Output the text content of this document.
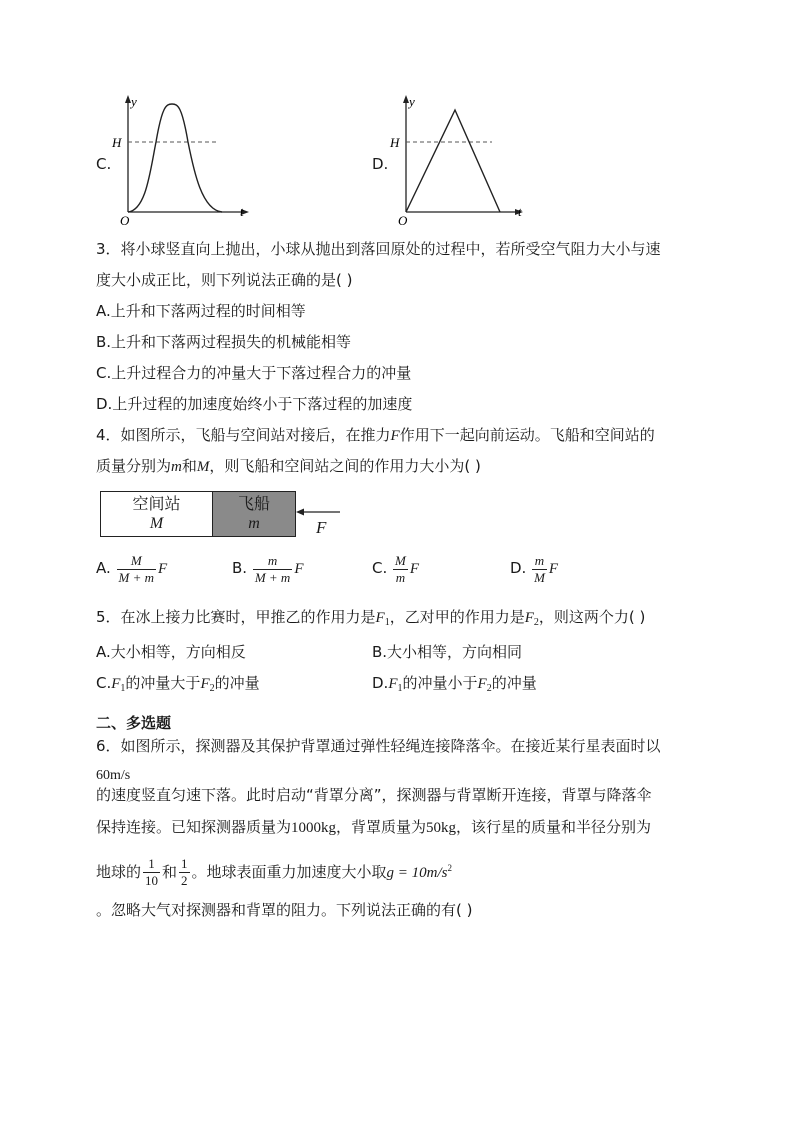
C.
y
t
H
O
D.
y
t
H
O
3．将小球竖直向上抛出，小球从抛出到落回原处的过程中，若所受空气阻力大小与速
度大小成正比，则下列说法正确的是( )
A.上升和下落两过程的时间相等
B.上升和下落两过程损失的机械能相等
C.上升过程合力的冲量大于下落过程合力的冲量
D.上升过程的加速度始终小于下落过程的加速度
4．如图所示，飞船与空间站对接后，在推力F作用下一起向前运动。飞船和空间站的
质量分别为m和M，则飞船和空间站之间的作用力大小为( )
空间站
M
飞船
m	F
A. $\frac{M}{M + m}$ F	B. $\frac{m}{M + m}$ F	C. $\frac{M}{m}$ F	D. $\frac{m}{M}$ F
5．在冰上接力比赛时，甲推乙的作用力是$F_1$，乙对甲的作用力是$F_2$，则这两个力( )
A.大小相等，方向相反	B.大小相等，方向相同
$C.F_1$的冲量大于$F_2$的冲量	$D.F_1$的冲量小于$F_2$的冲量
二、多选题
6．如图所示，探测器及其保护背罩通过弹性轻绳连接降落伞。在接近某行星表面时以
60m/s
的速度竖直匀速下落。此时启动“背罩分离”，探测器与背罩断开连接，背罩与降落伞
保持连接。已知探测器质量为1000kg，背罩质量为50kg，该行星的质量和半径分别为
地球的 $\frac{1}{10}$ 和 $\frac{1}{2}$ 。地球表面重力加速度大小取$g = 10m/s^2$
。忽略大气对探测器和背罩的阻力。下列说法正确的有( )
